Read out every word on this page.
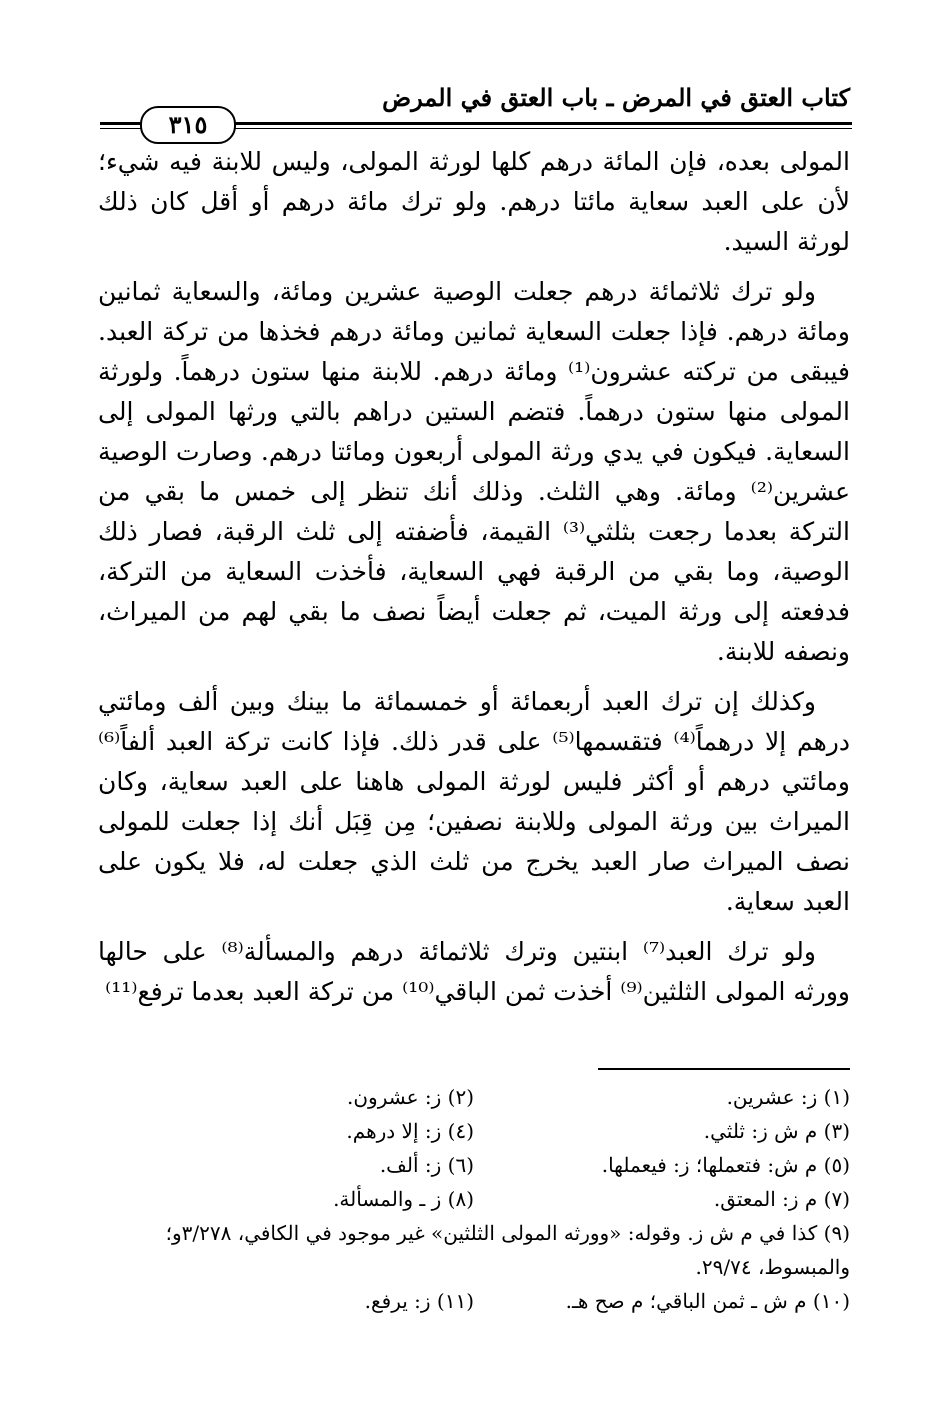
كتاب العتق في المرض ـ باب العتق في المرض
٣١٥

المولى بعده، فإن المائة درهم كلها لورثة المولى، وليس للابنة فيه شيء؛ لأن على العبد سعاية مائتا درهم. ولو ترك مائة درهم أو أقل كان ذلك لورثة السيد.

ولو ترك ثلاثمائة درهم جعلت الوصية عشرين ومائة، والسعاية ثمانين ومائة درهم. فإذا جعلت السعاية ثمانين ومائة درهم فخذها من تركة العبد. فيبقى من تركته عشرون⁽¹⁾ ومائة درهم. للابنة منها ستون درهماً. ولورثة المولى منها ستون درهماً. فتضم الستين دراهم بالتي ورثها المولى إلى السعاية. فيكون في يدي ورثة المولى أربعون ومائتا درهم. وصارت الوصية عشرين⁽²⁾ ومائة. وهي الثلث. وذلك أنك تنظر إلى خمس ما بقي من التركة بعدما رجعت بثلثي⁽³⁾ القيمة، فأضفته إلى ثلث الرقبة، فصار ذلك الوصية، وما بقي من الرقبة فهي السعاية، فأخذت السعاية من التركة، فدفعته إلى ورثة الميت، ثم جعلت أيضاً نصف ما بقي لهم من الميراث، ونصفه للابنة.

وكذلك إن ترك العبد أربعمائة أو خمسمائة ما بينك وبين ألف ومائتي درهم إلا درهماً⁽⁴⁾ فتقسمها⁽⁵⁾ على قدر ذلك. فإذا كانت تركة العبد ألفاً⁽⁶⁾ ومائتي درهم أو أكثر فليس لورثة المولى هاهنا على العبد سعاية، وكان الميراث بين ورثة المولى وللابنة نصفين؛ مِن قِبَل أنك إذا جعلت للمولى نصف الميراث صار العبد يخرج من ثلث الذي جعلت له، فلا يكون على العبد سعاية.

ولو ترك العبد⁽⁷⁾ ابنتين وترك ثلاثمائة درهم والمسألة⁽⁸⁾ على حالها وورثه المولى الثلثين⁽⁹⁾ أخذت ثمن الباقي⁽¹⁰⁾ من تركة العبد بعدما ترفع⁽¹¹⁾

(١) ز: عشرين.
(٢) ز: عشرون.
(٣) م ش ز: ثلثي.
(٤) ز: إلا درهم.
(٥) م ش: فتعملها؛ ز: فيعملها.
(٦) ز: ألف.
(٧) م ز: المعتق.
(٨) ز ـ والمسألة.
(٩) كذا في م ش ز. وقوله: «وورثه المولى الثلثين» غير موجود في الكافي، ٣/٢٧٨و؛ والمبسوط، ٢٩/٧٤.
(١٠) م ش ـ ثمن الباقي؛ م صح هـ.
(١١) ز: يرفع.
